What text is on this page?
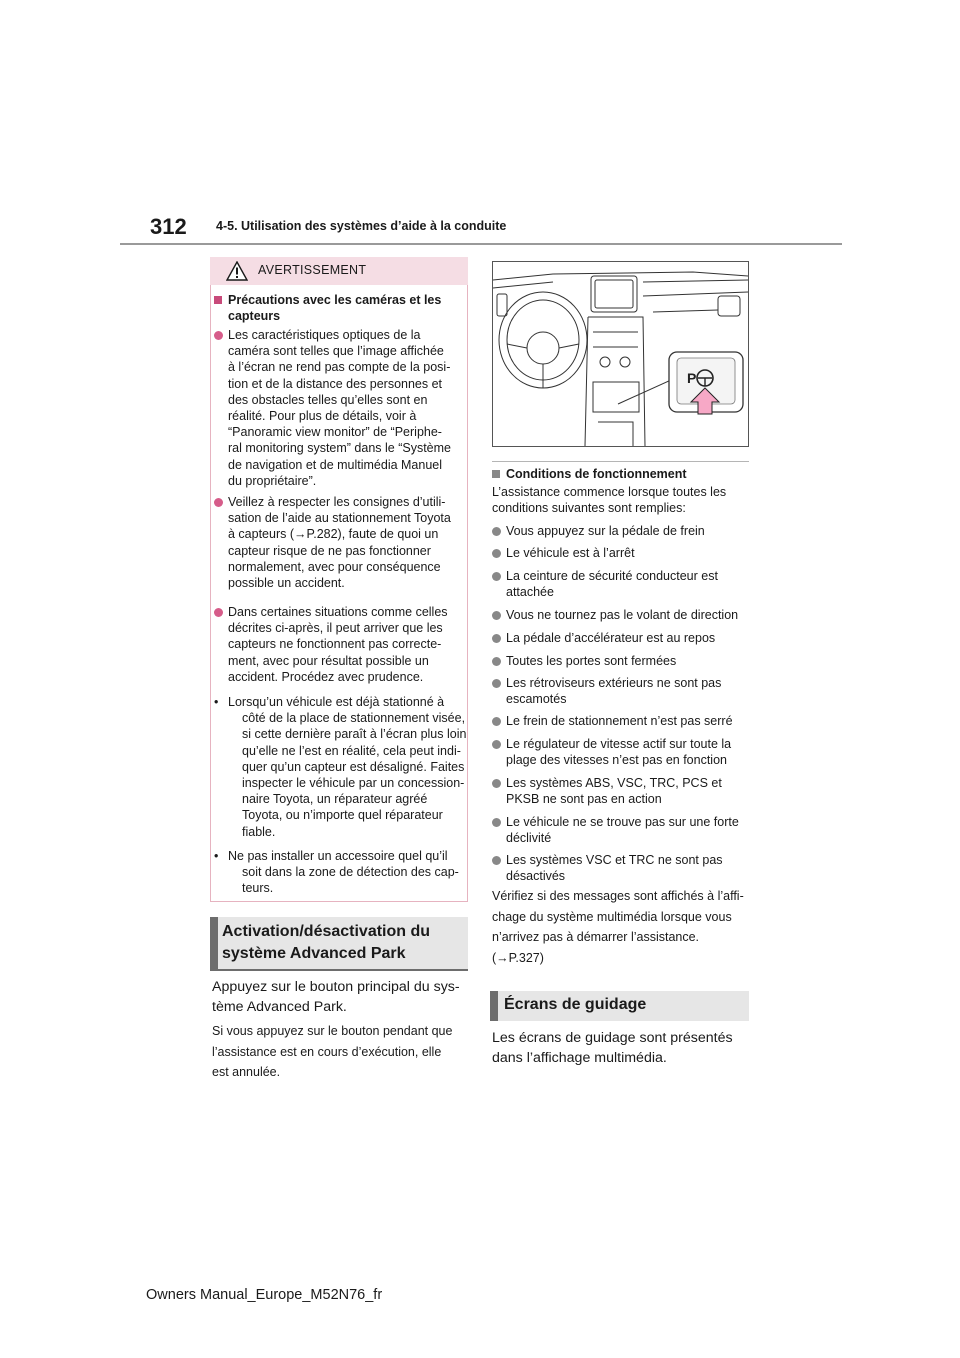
312 4-5. Utilisation des systèmes d’aide à la conduite
AVERTISSEMENT
Précautions avec les caméras et les
capteurs
Les caractéristiques optiques de la
caméra sont telles que l’image affichée
à l’écran ne rend pas compte de la posi-
tion et de la distance des personnes et
des obstacles telles qu’elles sont en
réalité. Pour plus de détails, voir à
“Panoramic view monitor” de “Periphe-
ral monitoring system” dans le “Système
de navigation et de multimédia Manuel
du propriétaire”.
Veillez à respecter les consignes d’utili-
sation de l’aide au stationnement Toyota
à capteurs (→P.282), faute de quoi un
capteur risque de ne pas fonctionner
normalement, avec pour conséquence
possible un accident.
Dans certaines situations comme celles
décrites ci-après, il peut arriver que les
capteurs ne fonctionnent pas correcte-
ment, avec pour résultat possible un
accident. Procédez avec prudence.
• Lorsqu’un véhicule est déjà stationné à
côté de la place de stationnement visée,
si cette dernière paraît à l’écran plus loin
qu’elle ne l’est en réalité, cela peut indi-
quer qu’un capteur est désaligné. Faites
inspecter le véhicule par un concession-
naire Toyota, un réparateur agréé
Toyota, ou n’importe quel réparateur
fiable.
• Ne pas installer un accessoire quel qu’il
soit dans la zone de détection des cap-
teurs.
Activation/désactivation du
système Advanced Park
Appuyez sur le bouton principal du sys-
tème Advanced Park.
Si vous appuyez sur le bouton pendant que
l’assistance est en cours d’exécution, elle
est annulée.
P
Conditions de fonctionnement
L’assistance commence lorsque toutes les
conditions suivantes sont remplies:
Vous appuyez sur la pédale de frein
Le véhicule est à l’arrêt
La ceinture de sécurité conducteur est
attachée
Vous ne tournez pas le volant de direction
La pédale d’accélérateur est au repos
Toutes les portes sont fermées
Les rétroviseurs extérieurs ne sont pas
escamotés
Le frein de stationnement n’est pas serré
Le régulateur de vitesse actif sur toute la
plage des vitesses n’est pas en fonction
Les systèmes ABS, VSC, TRC, PCS et
PKSB ne sont pas en action
Le véhicule ne se trouve pas sur une forte
déclivité
Les systèmes VSC et TRC ne sont pas
désactivés
Vérifiez si des messages sont affichés à l’affi-
chage du système multimédia lorsque vous
n’arrivez pas à démarrer l’assistance.
(→P.327)
Écrans de guidage
Les écrans de guidage sont présentés
dans l’affichage multimédia.
Owners Manual_Europe_M52N76_fr
